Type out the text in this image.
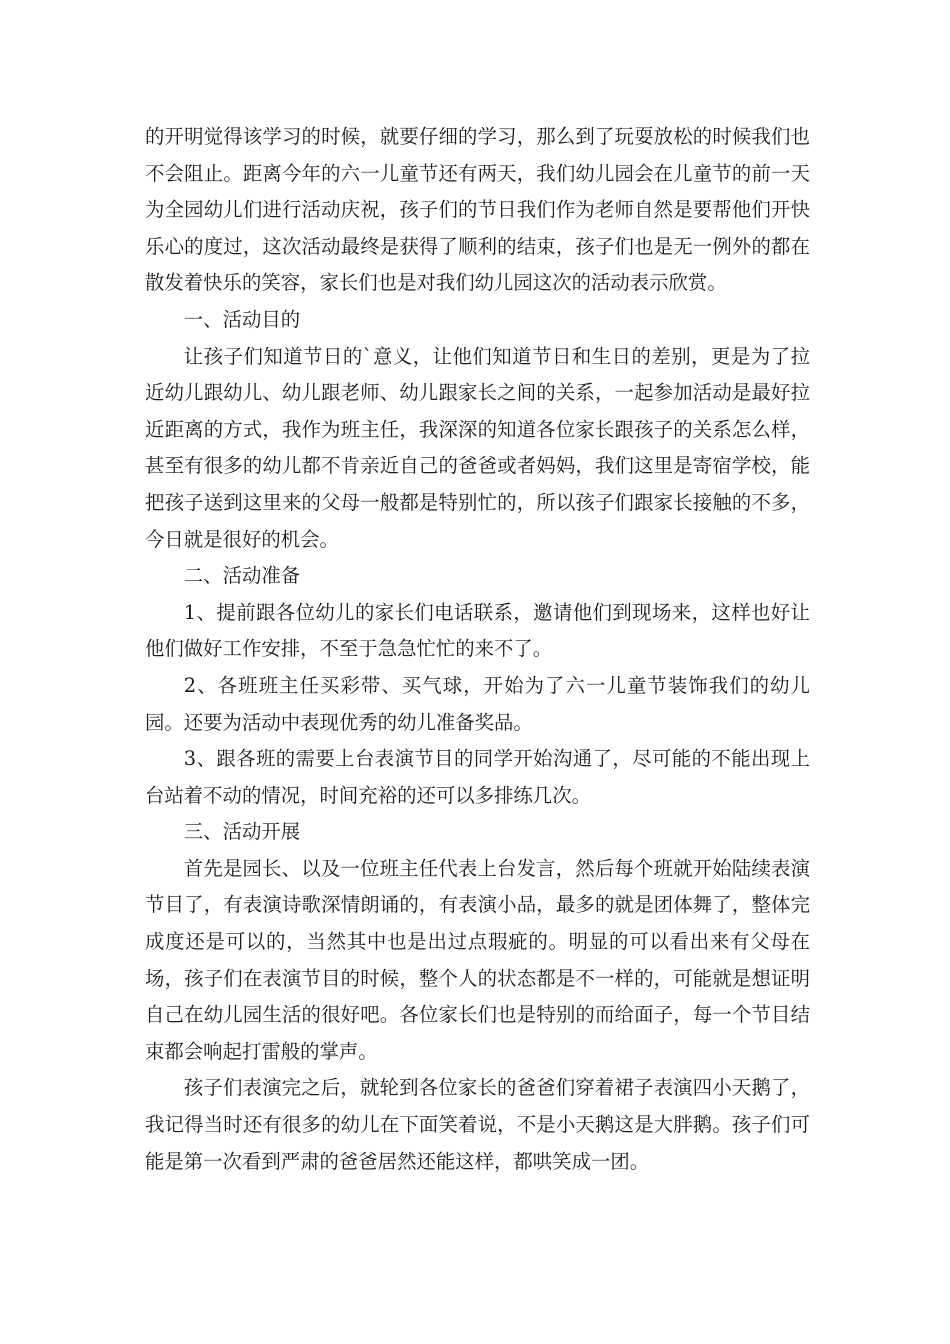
的开明觉得该学习的时候，就要仔细的学习，那么到了玩耍放松的时候我们也不会阻止。距离今年的六一儿童节还有两天，我们幼儿园会在儿童节的前一天为全园幼儿们进行活动庆祝，孩子们的节日我们作为老师自然是要帮他们开快乐心的度过，这次活动最终是获得了顺利的结束，孩子们也是无一例外的都在散发着快乐的笑容，家长们也是对我们幼儿园这次的活动表示欣赏。

一、活动目的

让孩子们知道节日的`意义，让他们知道节日和生日的差别，更是为了拉近幼儿跟幼儿、幼儿跟老师、幼儿跟家长之间的关系，一起参加活动是最好拉近距离的方式，我作为班主任，我深深的知道各位家长跟孩子的关系怎么样，甚至有很多的幼儿都不肯亲近自己的爸爸或者妈妈，我们这里是寄宿学校，能把孩子送到这里来的父母一般都是特别忙的，所以孩子们跟家长接触的不多，今日就是很好的机会。

二、活动准备

1、提前跟各位幼儿的家长们电话联系，邀请他们到现场来，这样也好让他们做好工作安排，不至于急急忙忙的来不了。

2、各班班主任买彩带、买气球，开始为了六一儿童节装饰我们的幼儿园。还要为活动中表现优秀的幼儿准备奖品。

3、跟各班的需要上台表演节目的同学开始沟通了，尽可能的不能出现上台站着不动的情况，时间充裕的还可以多排练几次。

三、活动开展

首先是园长、以及一位班主任代表上台发言，然后每个班就开始陆续表演节目了，有表演诗歌深情朗诵的，有表演小品，最多的就是团体舞了，整体完成度还是可以的，当然其中也是出过点瑕疵的。明显的可以看出来有父母在场，孩子们在表演节目的时候，整个人的状态都是不一样的，可能就是想证明自己在幼儿园生活的很好吧。各位家长们也是特别的而给面子，每一个节目结束都会响起打雷般的掌声。

孩子们表演完之后，就轮到各位家长的爸爸们穿着裙子表演四小天鹅了，我记得当时还有很多的幼儿在下面笑着说，不是小天鹅这是大胖鹅。孩子们可能是第一次看到严肃的爸爸居然还能这样，都哄笑成一团。
